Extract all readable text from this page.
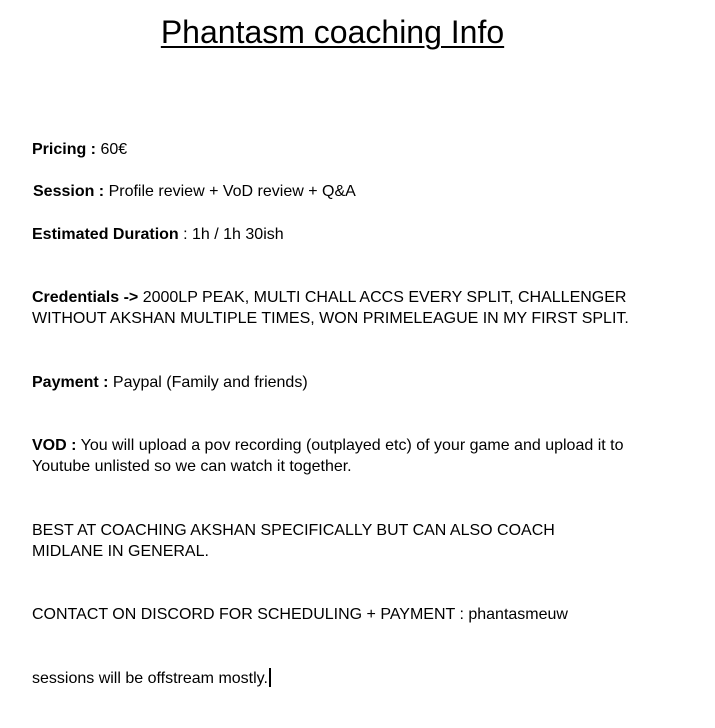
Phantasm coaching Info
Pricing : 60€
Session : Profile review + VoD review + Q&A
Estimated Duration : 1h / 1h 30ish
Credentials -> 2000LP PEAK, MULTI CHALL ACCS EVERY SPLIT, CHALLENGER
WITHOUT AKSHAN MULTIPLE TIMES, WON PRIMELEAGUE IN MY FIRST SPLIT.
Payment : Paypal (Family and friends)
VOD : You will upload a pov recording (outplayed etc) of your game and upload it to
Youtube unlisted so we can watch it together.
BEST AT COACHING AKSHAN SPECIFICALLY BUT CAN ALSO COACH
MIDLANE IN GENERAL.
CONTACT ON DISCORD FOR SCHEDULING + PAYMENT : phantasmeuw
sessions will be offstream mostly.
